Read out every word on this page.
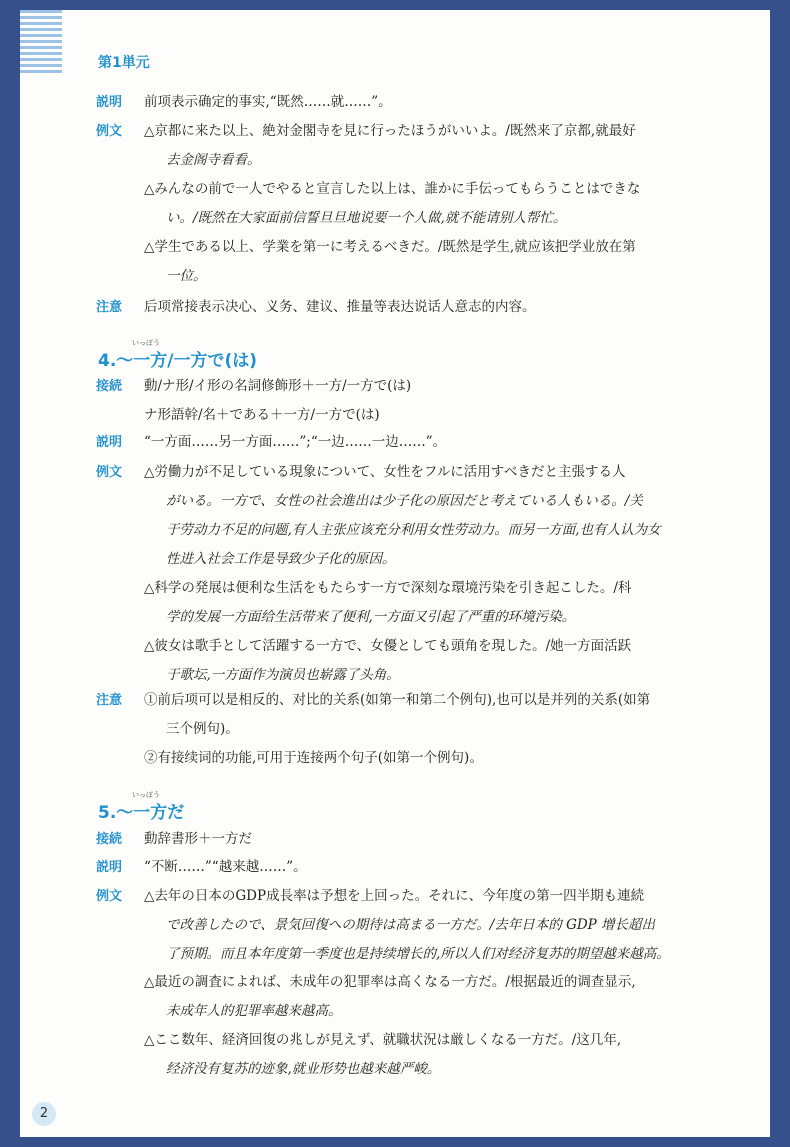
第1単元
説明	前项表示确定的事实,“既然……就……”。
例文	△京都に来た以上、絶対金閣寺を見に行ったほうがいいよ。/既然来了京都,就最好
去金阁寺看看。
△みんなの前で一人でやると宣言した以上は、誰かに手伝ってもらうことはできな
い。/既然在大家面前信誓旦旦地说要一个人做,就不能请别人帮忙。
△学生である以上、学業を第一に考えるべきだ。/既然是学生,就应该把学业放在第
一位。
注意	后项常接表示决心、义务、建议、推量等表达说话人意志的内容。
いっぽう
4.～一方/一方で(は)
接続	動/ナ形/イ形の名詞修飾形＋一方/一方で(は)
ナ形語幹/名＋である＋一方/一方で(は)
説明	“一方面……另一方面……”;“一边……一边……”。
例文	△労働力が不足している現象について、女性をフルに活用すべきだと主張する人
がいる。一方で、女性の社会進出は少子化の原因だと考えている人もいる。/关
于劳动力不足的问题,有人主张应该充分利用女性劳动力。而另一方面,也有人认为女
性进入社会工作是导致少子化的原因。
△科学の発展は便利な生活をもたらす一方で深刻な環境汚染を引き起こした。/科
学的发展一方面给生活带来了便利,一方面又引起了严重的环境污染。
△彼女は歌手として活躍する一方で、女優としても頭角を現した。/她一方面活跃
于歌坛,一方面作为演员也崭露了头角。
注意	①前后项可以是相反的、对比的关系(如第一和第二个例句),也可以是并列的关系(如第
三个例句)。
②有接续词的功能,可用于连接两个句子(如第一个例句)。
いっぽう
5.～一方だ
接続	動辞書形＋一方だ
説明	“不断……”“越来越……”。
例文	△去年の日本のGDP成長率は予想を上回った。それに、今年度の第一四半期も連続
で改善したので、景気回復への期待は高まる一方だ。/去年日本的 GDP 增长超出
了预期。而且本年度第一季度也是持续增长的,所以人们对经济复苏的期望越来越高。
△最近の調査によれば、未成年の犯罪率は高くなる一方だ。/根据最近的调查显示,
未成年人的犯罪率越来越高。
△ここ数年、経済回復の兆しが見えず、就職状況は厳しくなる一方だ。/这几年,
经济没有复苏的迹象,就业形势也越来越严峻。
2
